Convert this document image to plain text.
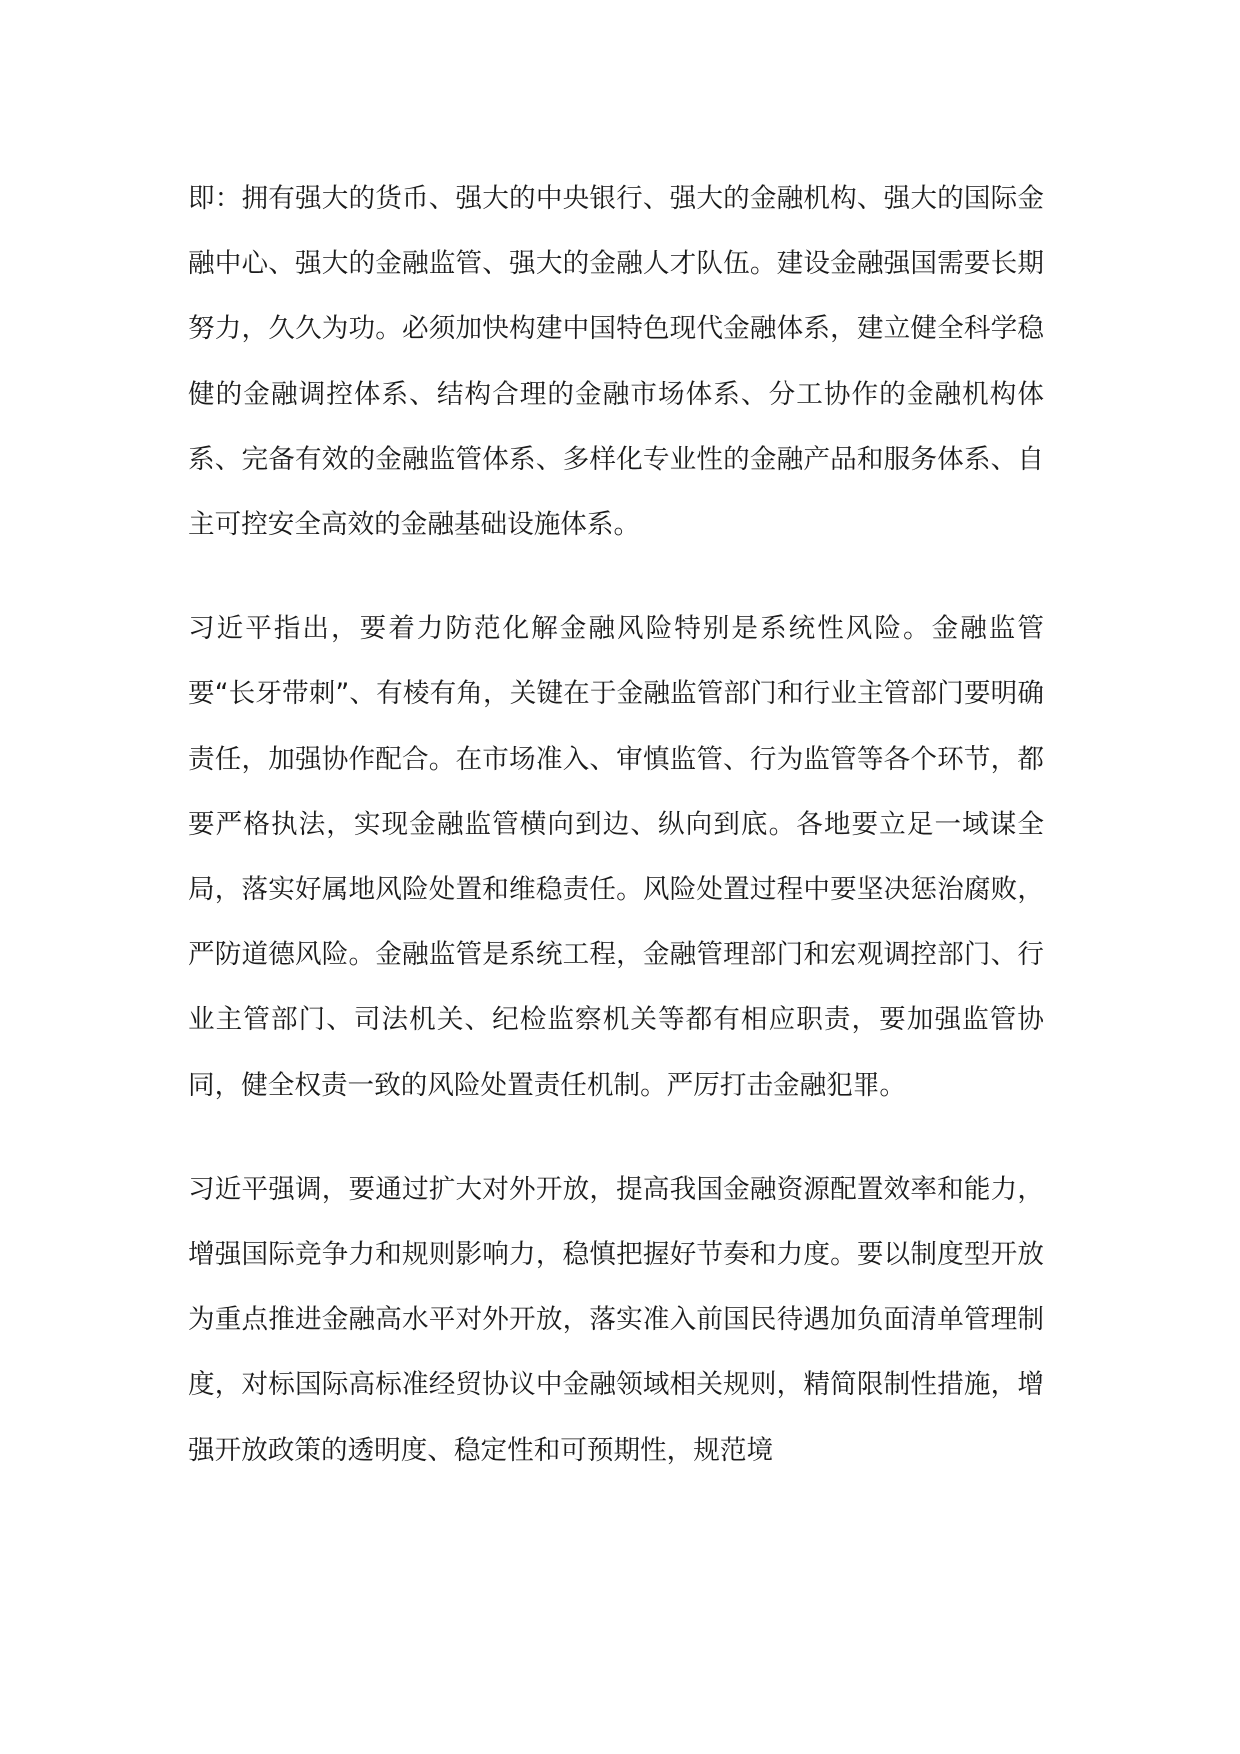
即：拥有强大的货币、强大的中央银行、强大的金融机构、强大的国际金融中心、强大的金融监管、强大的金融人才队伍。建设金融强国需要长期努力，久久为功。必须加快构建中国特色现代金融体系，建立健全科学稳健的金融调控体系、结构合理的金融市场体系、分工协作的金融机构体系、完备有效的金融监管体系、多样化专业性的金融产品和服务体系、自主可控安全高效的金融基础设施体系。

习近平指出，要着力防范化解金融风险特别是系统性风险。金融监管要“长牙带刺”、有棱有角，关键在于金融监管部门和行业主管部门要明确责任，加强协作配合。在市场准入、审慎监管、行为监管等各个环节，都要严格执法，实现金融监管横向到边、纵向到底。各地要立足一域谋全局，落实好属地风险处置和维稳责任。风险处置过程中要坚决惩治腐败，严防道德风险。金融监管是系统工程，金融管理部门和宏观调控部门、行业主管部门、司法机关、纪检监察机关等都有相应职责，要加强监管协同，健全权责一致的风险处置责任机制。严厉打击金融犯罪。

习近平强调，要通过扩大对外开放，提高我国金融资源配置效率和能力，增强国际竞争力和规则影响力，稳慎把握好节奏和力度。要以制度型开放为重点推进金融高水平对外开放，落实准入前国民待遇加负面清单管理制度，对标国际高标准经贸协议中金融领域相关规则，精简限制性措施，增强开放政策的透明度、稳定性和可预期性，规范境
